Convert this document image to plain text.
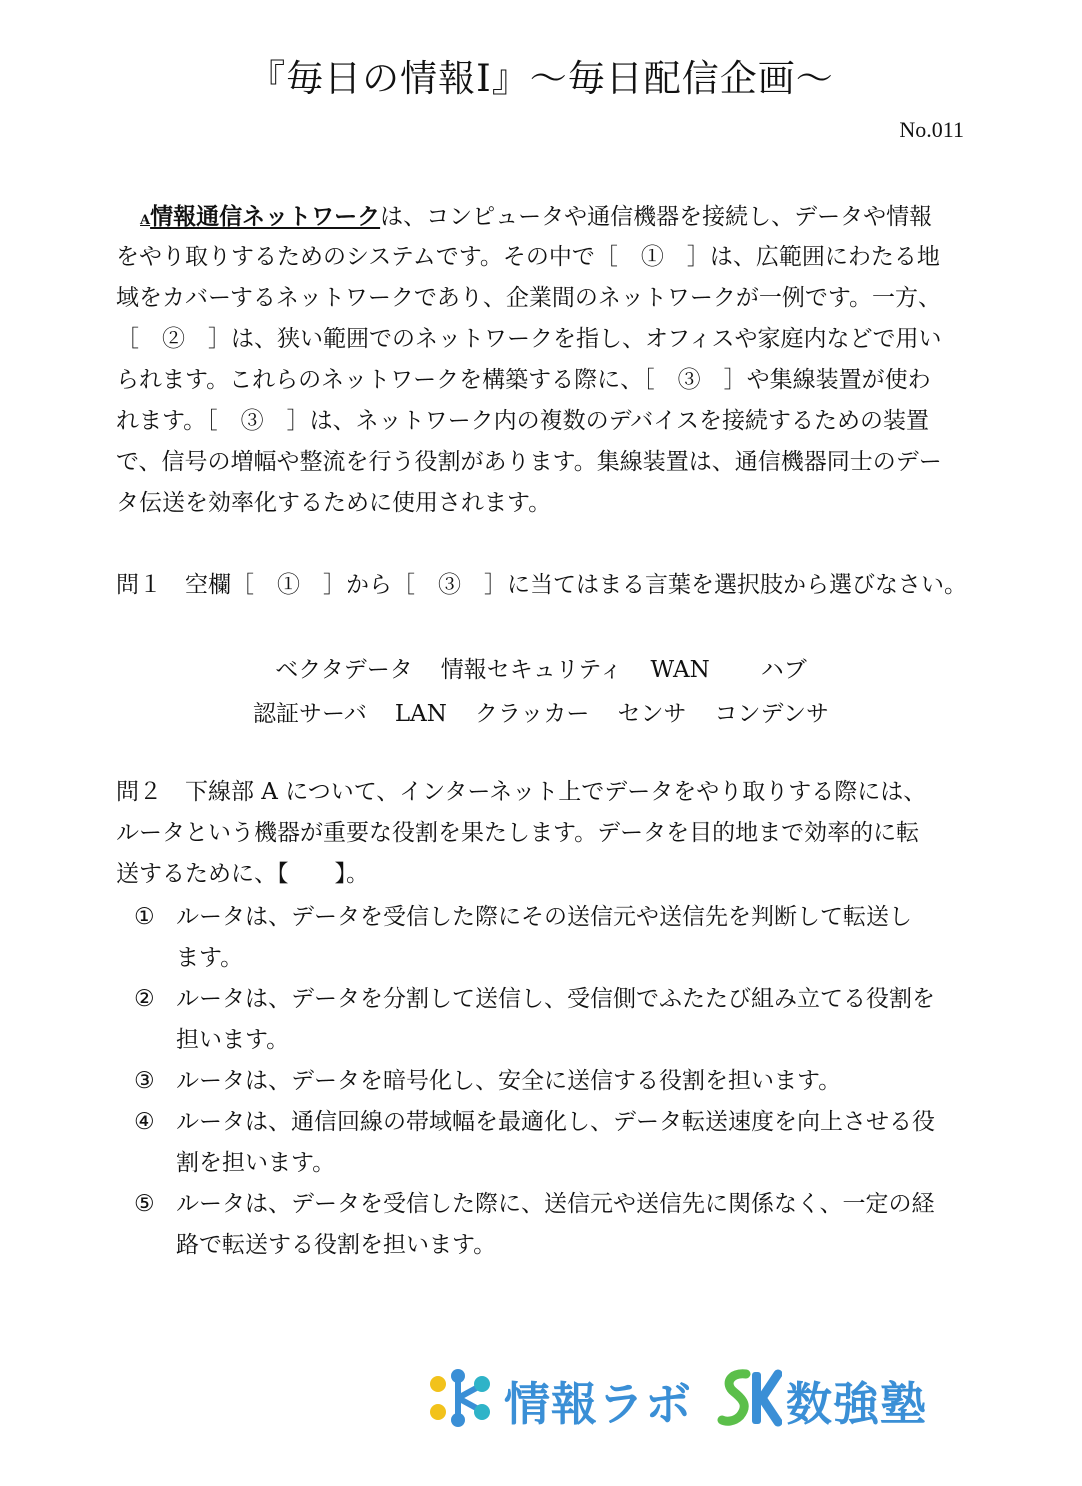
『毎日の情報Ⅰ』〜毎日配信企画〜
No.011
A情報通信ネットワークは、コンピュータや通信機器を接続し、データや情報
をやり取りするためのシステムです。その中で［　①　］は、広範囲にわたる地
域をカバーするネットワークであり、企業間のネットワークが一例です。一方、
［　②　］は、狭い範囲でのネットワークを指し、オフィスや家庭内などで用い
られます。これらのネットワークを構築する際に、［　③　］や集線装置が使わ
れます。［　③　］は、ネットワーク内の複数のデバイスを接続するための装置
で、信号の増幅や整流を行う役割があります。集線装置は、通信機器同士のデー
タ伝送を効率化するために使用されます。
問１　空欄［　①　］から［　③　］に当てはまる言葉を選択肢から選びなさい。
ベクタデータ 情報セキュリティ WAN　ハブ
認証サーバ LAN クラッカー センサ コンデンサ
問２　下線部 A について、インターネット上でデータをやり取りする際には、
ルータという機器が重要な役割を果たします。データを目的地まで効率的に転
送するために、【　　】。
① ルータは、データを受信した際にその送信元や送信先を判断して転送し
ます。
② ルータは、データを分割して送信し、受信側でふたたび組み立てる役割を
担います。
③ ルータは、データを暗号化し、安全に送信する役割を担います。
④ ルータは、通信回線の帯域幅を最適化し、データ転送速度を向上させる役
割を担います。
⑤ ルータは、データを受信した際に、送信元や送信先に関係なく、一定の経
路で転送する役割を担います。
情報ラボ 数強塾
